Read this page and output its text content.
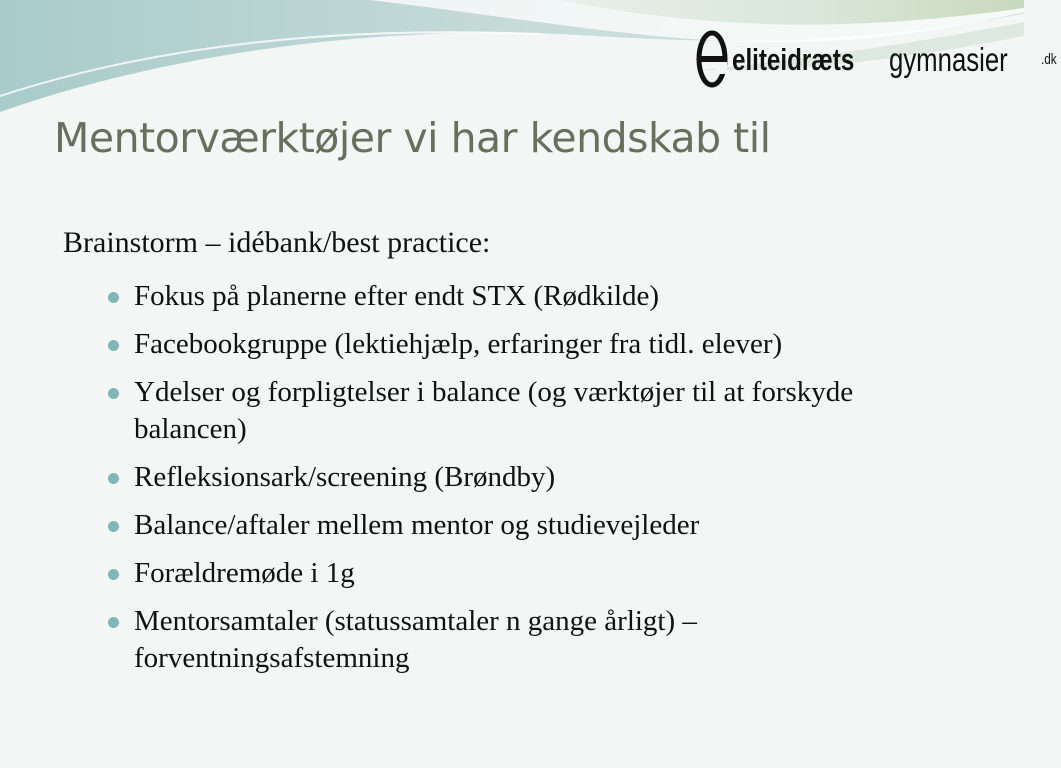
eliteidræts gymnasier .dk
Mentorværktøjer vi har kendskab til
Brainstorm – idébank/best practice:
Fokus på planerne efter endt STX (Rødkilde)
Facebookgruppe (lektiehjælp, erfaringer fra tidl. elever)
Ydelser og forpligtelser i balance (og værktøjer til at forskyde balancen)
Refleksionsark/screening (Brøndby)
Balance/aftaler mellem mentor og studievejleder
Forældremøde i 1g
Mentorsamtaler (statussamtaler n gange årligt) – forventningsafstemning
